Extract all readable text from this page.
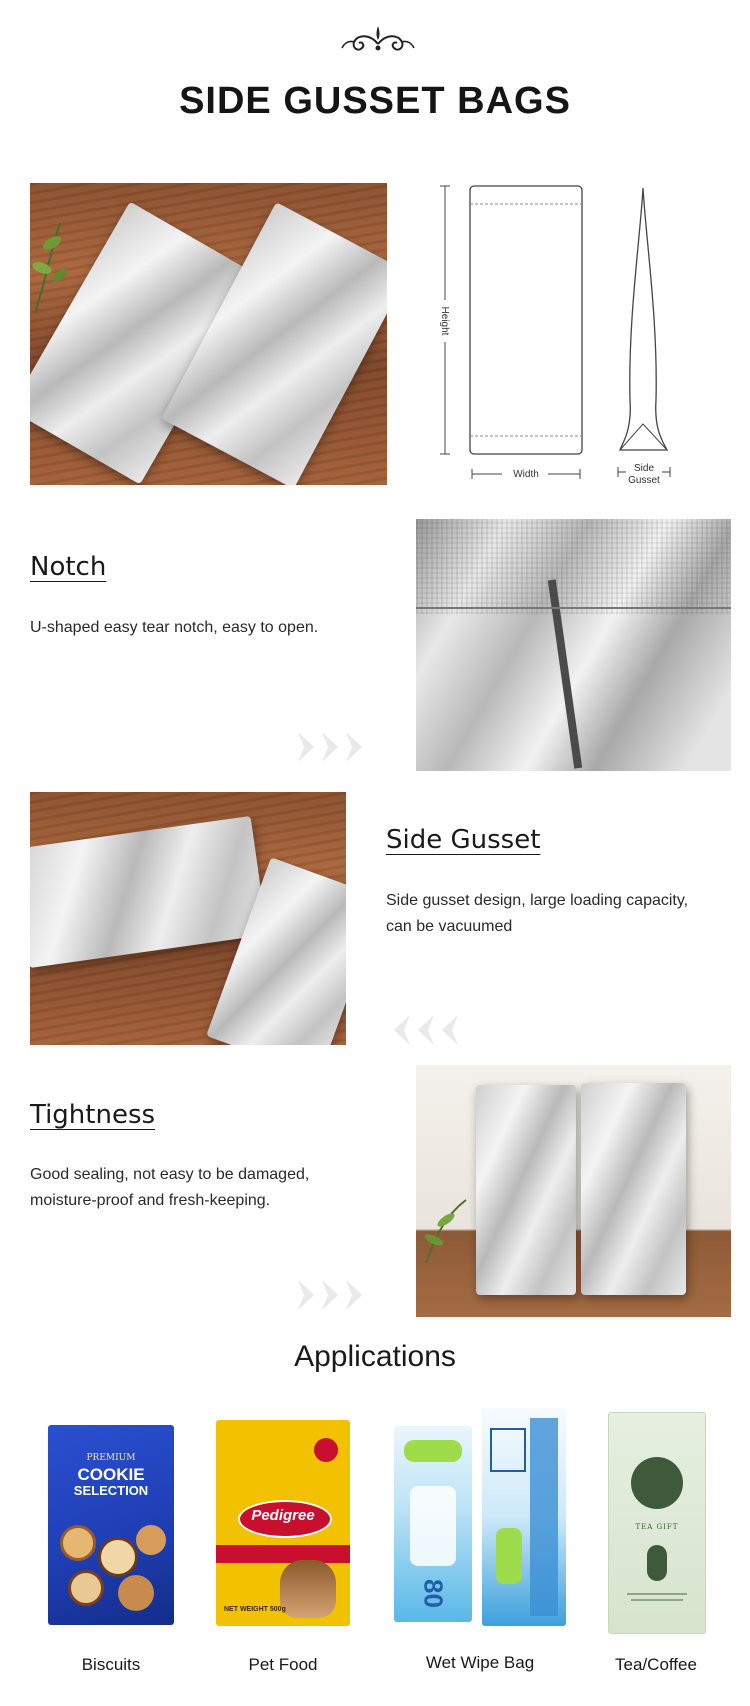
SIDE GUSSET BAGS
Height
Width
Side
Gusset
Notch
U-shaped easy tear notch, easy to open.
Side Gusset
Side gusset design, large loading capacity,
can be vacuumed
Tightness
Good sealing, not easy to be damaged,
moisture-proof and fresh-keeping.
Applications
PREMIUM
COOKIE
SELECTION
Biscuits
Pedigree
NET WEIGHT 500g
Pet Food
80
Wet Wipe Bag
TEA GIFT
Tea/Coffee
